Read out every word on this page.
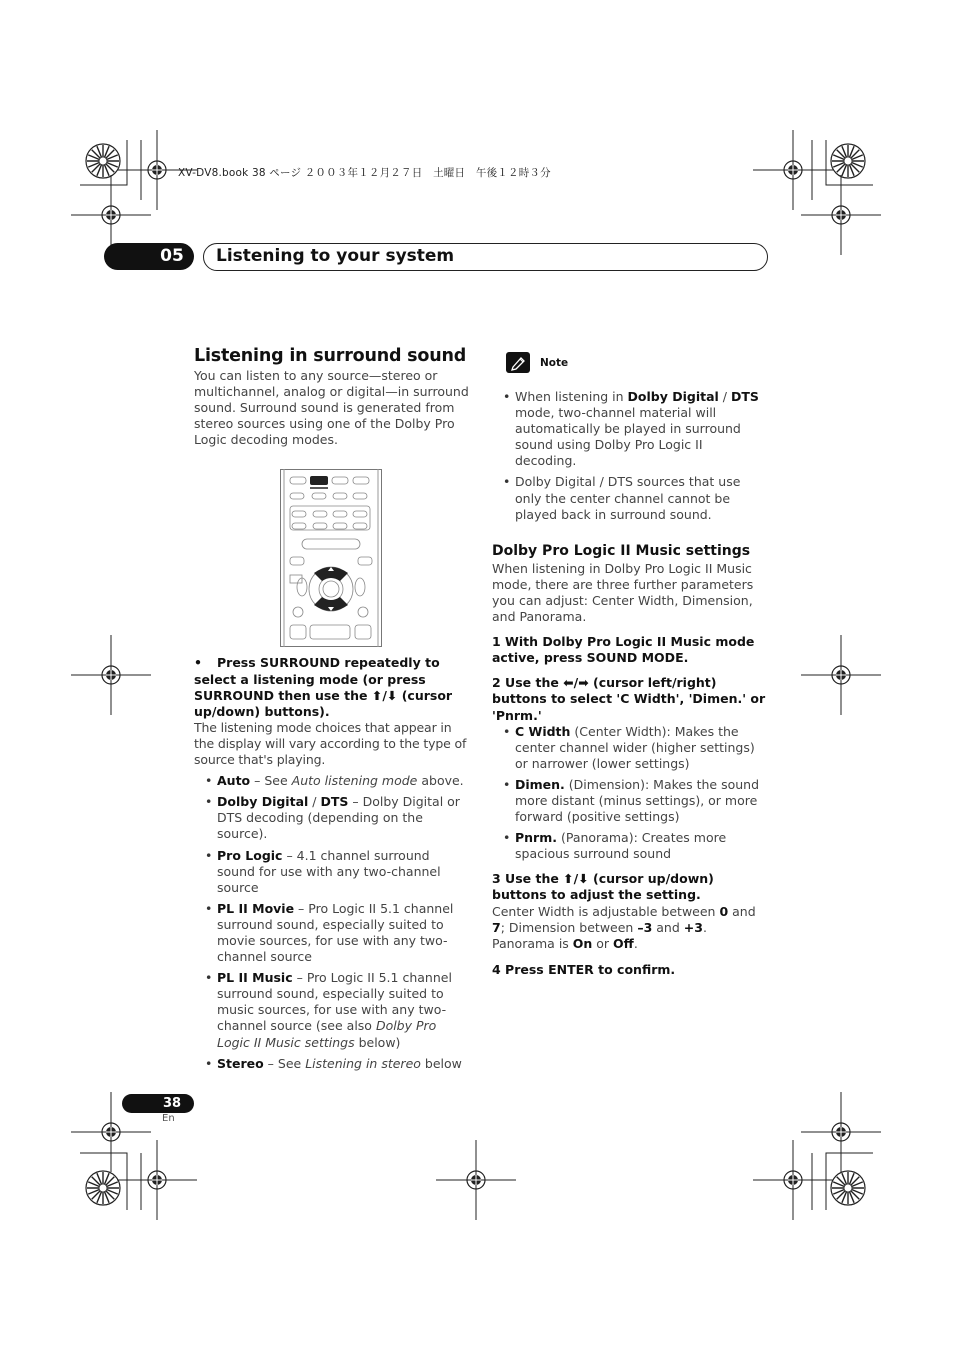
XV-DV8.book 38 ページ ２００３年１２月２７日　土曜日　午後１２時３分
05	Listening to your system
Listening in surround sound

You can listen to any source—stereo or multichannel, analog or digital—in surround sound. Surround sound is generated from stereo sources using one of the Dolby Pro Logic decoding modes.

• Press SURROUND repeatedly to select a listening mode (or press SURROUND then use the ⬆/⬇ (cursor up/down) buttons).

The listening mode choices that appear in the display will vary according to the type of source that's playing.

• Auto – See Auto listening mode above.
• Dolby Digital / DTS – Dolby Digital or DTS decoding (depending on the source).
• Pro Logic – 4.1 channel surround sound for use with any two-channel source
• PL II Movie – Pro Logic II 5.1 channel surround sound, especially suited to movie sources, for use with any two-channel source
• PL II Music – Pro Logic II 5.1 channel surround sound, especially suited to music sources, for use with any two-channel source (see also Dolby Pro Logic II Music settings below)
• Stereo – See Listening in stereo below
Note
• When listening in Dolby Digital / DTS mode, two-channel material will automatically be played in surround sound using Dolby Pro Logic II decoding.
• Dolby Digital / DTS sources that use only the center channel cannot be played back in surround sound.
Dolby Pro Logic II Music settings

When listening in Dolby Pro Logic II Music mode, there are three further parameters you can adjust: Center Width, Dimension, and Panorama.

1 With Dolby Pro Logic II Music mode active, press SOUND MODE.

2 Use the ⬅/➡ (cursor left/right) buttons to select 'C Width', 'Dimen.' or 'Pnrm.'

• C Width (Center Width): Makes the center channel wider (higher settings) or narrower (lower settings)
• Dimen. (Dimension): Makes the sound more distant (minus settings), or more forward (positive settings)
• Pnrm. (Panorama): Creates more spacious surround sound

3 Use the ⬆/⬇ (cursor up/down) buttons to adjust the setting.

Center Width is adjustable between 0 and 7; Dimension between –3 and +3. Panorama is On or Off.

4 Press ENTER to confirm.

38
En
